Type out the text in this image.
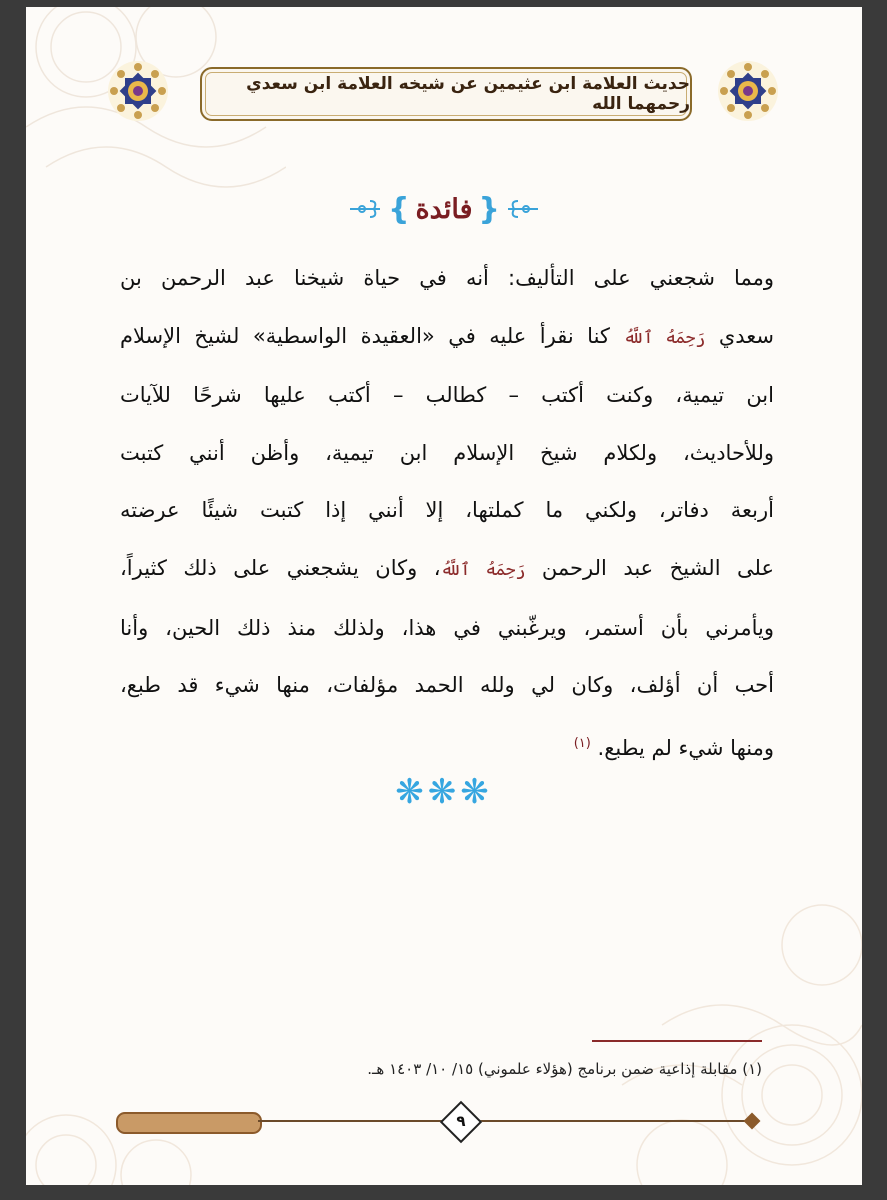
حديث العلامة ابن عثيمين عن شيخه العلامة ابن سعدي رحمهما الله
{
فائدة
}
ومما شجعني على التأليف: أنه في حياة شيخنا عبد الرحمن بن
سعدي رَحِمَهُ ٱللَّهُ كنا نقرأ عليه في «العقيدة الواسطية» لشيخ الإسلام
ابن تيمية، وكنت أكتب – كطالب – أكتب عليها شرحًا للآيات
وللأحاديث، ولكلام شيخ الإسلام ابن تيمية، وأظن أنني كتبت
أربعة دفاتر، ولكني ما كملتها، إلا أنني إذا كتبت شيئًا عرضته
على الشيخ عبد الرحمن رَحِمَهُ ٱللَّهُ، وكان يشجعني على ذلك كثيراً،
ويأمرني بأن أستمر، ويرغّبني في هذا، ولذلك منذ ذلك الحين، وأنا
أحب أن أؤلف، وكان لي ولله الحمد مؤلفات، منها شيء قد طبع،
ومنها شيء لم يطبع. $^{(١)}$
❋❋❋
(١) مقابلة إذاعية ضمن برنامج (هؤلاء علموني) ١٥/ ١٠/ ١٤٠٣ هـ.
٩
